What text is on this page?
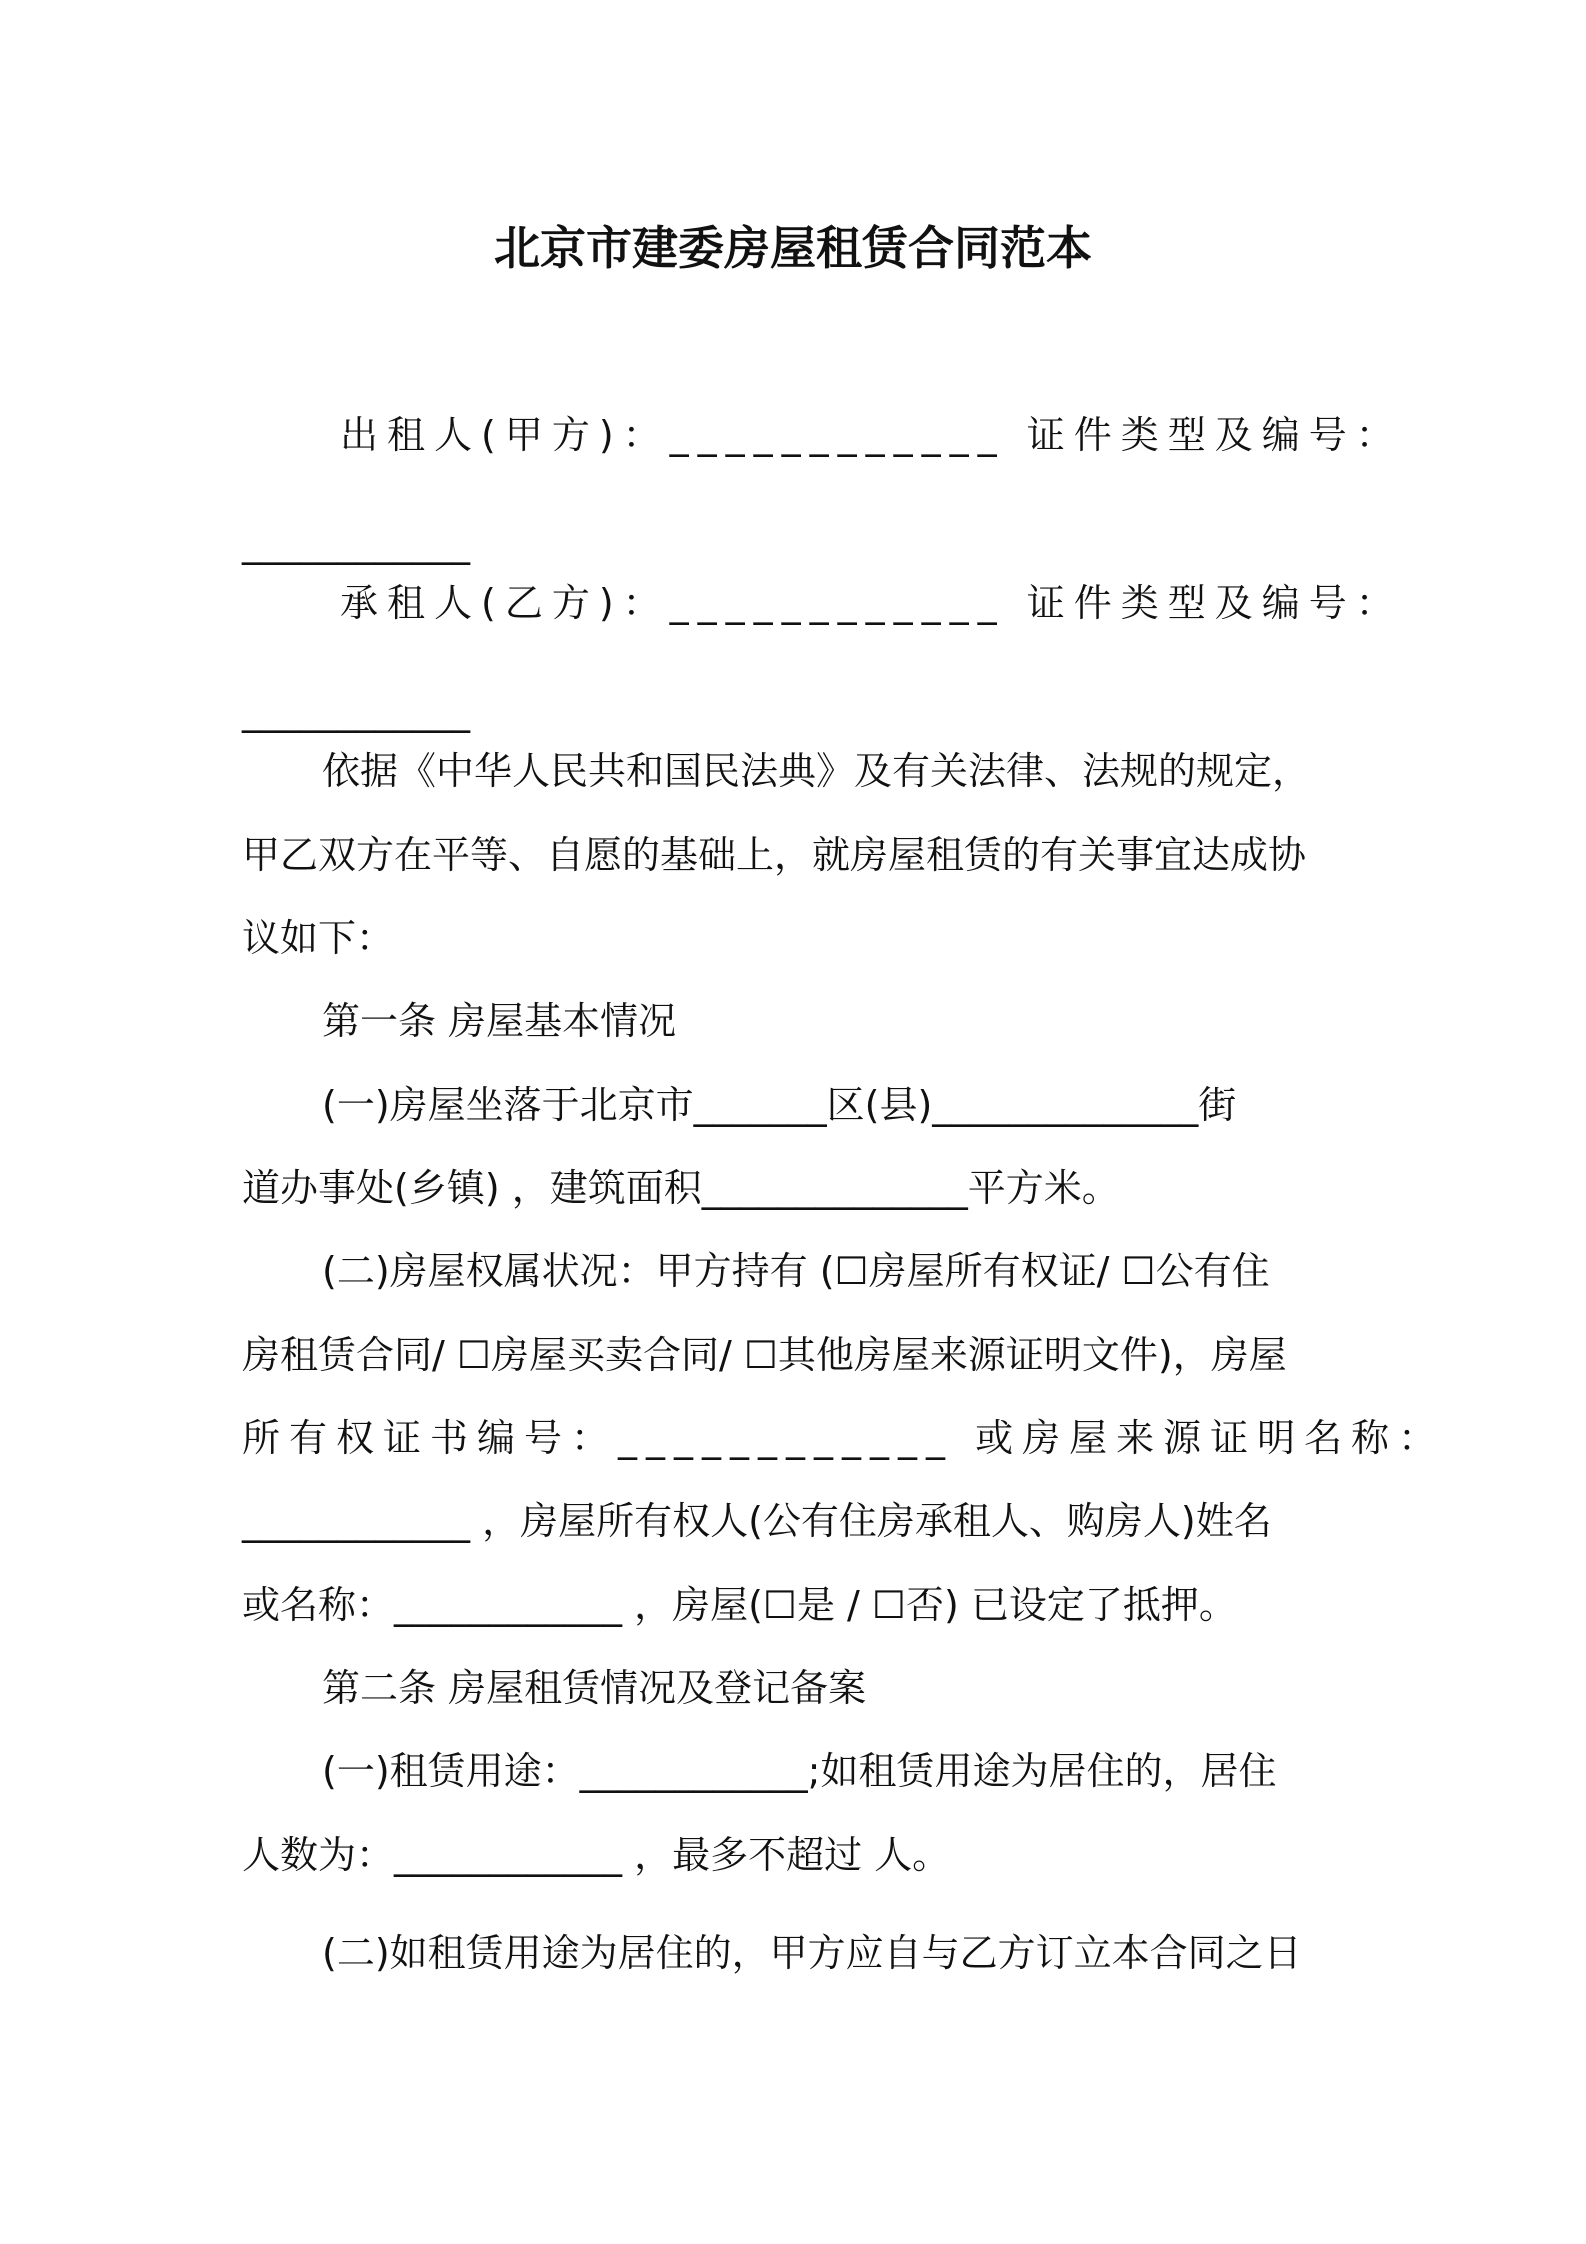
北京市建委房屋租赁合同范本
出租人(甲方)：____________ 证件类型及编号：
____________
承租人(乙方)：____________ 证件类型及编号：
____________
依据《中华人民共和国民法典》及有关法律、法规的规定，
甲乙双方在平等、自愿的基础上，就房屋租赁的有关事宜达成协
议如下：
第一条 房屋基本情况
(一)房屋坐落于北京市_______区(县)______________街
道办事处(乡镇) ，建筑面积______________平方米。
(二)房屋权属状况：甲方持有 (☐房屋所有权证/ ☐公有住
房租赁合同/ ☐房屋买卖合同/ ☐其他房屋来源证明文件)，房屋
所有权证书编号：____________ 或房屋来源证明名称：
____________ ，房屋所有权人(公有住房承租人、购房人)姓名
或名称：____________ ，房屋(☐是 / ☐否) 已设定了抵押。
第二条 房屋租赁情况及登记备案
(一)租赁用途：____________;如租赁用途为居住的，居住
人数为：____________ ，最多不超过 人。
(二)如租赁用途为居住的，甲方应自与乙方订立本合同之日
